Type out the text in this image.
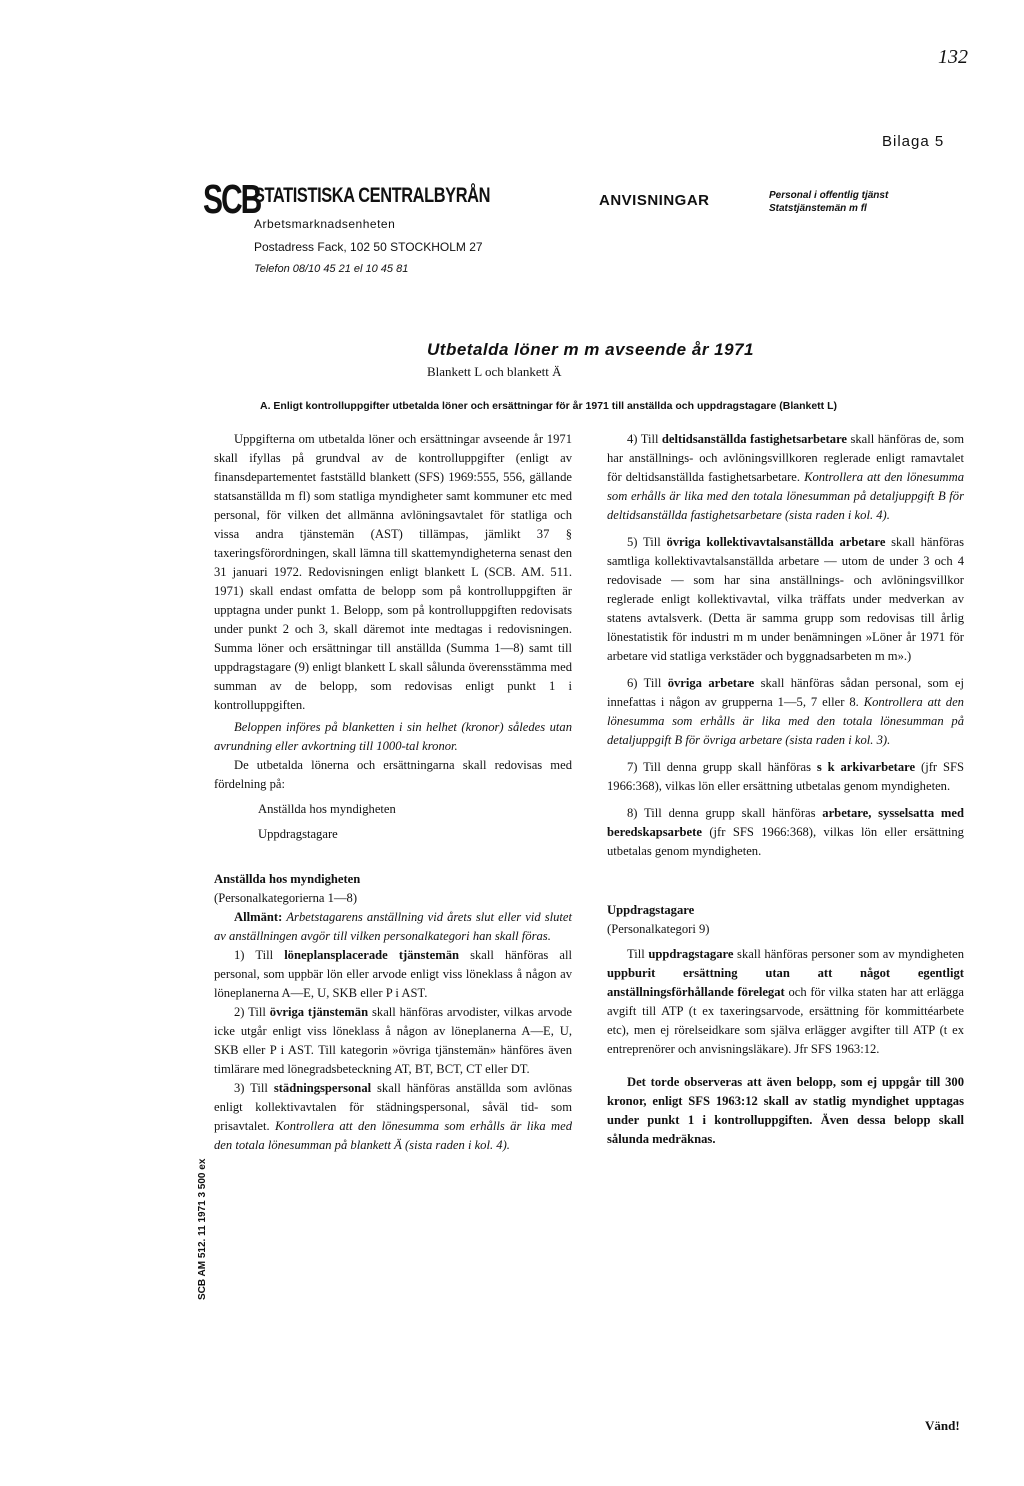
132
Bilaga 5
SCB
STATISTISKA CENTRALBYRÅN
Arbetsmarknadsenheten
Postadress Fack, 102 50 STOCKHOLM 27
Telefon 08/10 45 21 el 10 45 81
ANVISNINGAR	Personal i offentlig tjänst
Statstjänstemän m fl
Utbetalda löner m m avseende år 1971
Blankett L och blankett Ä
A. Enligt kontrolluppgifter utbetalda löner och ersättningar för år 1971 till anställda och uppdragstagare (Blankett L)

Uppgifterna om utbetalda löner och ersättningar avseende år 1971 skall ifyllas på grundval av de kontrolluppgifter (enligt av finansdepartementet fastställd blankett (SFS) 1969:555, 556, gällande statsanställda m fl) som statliga myndigheter samt kommuner etc med personal, för vilken det allmänna avlöningsavtalet för statliga och vissa andra tjänstemän (AST) tillämpas, jämlikt 37 § taxeringsförordningen, skall lämna till skattemyndigheterna senast den 31 januari 1972. Redovisningen enligt blankett L (SCB. AM. 511. 1971) skall endast omfatta de belopp som på kontrolluppgiften är upptagna under punkt 1. Belopp, som på kontrolluppgiften redovisats under punkt 2 och 3, skall däremot inte medtagas i redovisningen. Summa löner och ersättningar till anställda (Summa 1—8) samt till uppdragstagare (9) enligt blankett L skall sålunda överensstämma med summan av de belopp, som redovisas enligt punkt 1 i kontrolluppgiften.

Beloppen införes på blanketten i sin helhet (kronor) således utan avrundning eller avkortning till 1000-tal kronor.

De utbetalda lönerna och ersättningarna skall redovisas med fördelning på:

Anställda hos myndigheten

Uppdragstagare

Anställda hos myndigheten

(Personalkategorierna 1—8)

Allmänt: Arbetstagarens anställning vid årets slut eller vid slutet av anställningen avgör till vilken personalkategori han skall föras.

1) Till löneplansplacerade tjänstemän skall hänföras all personal, som uppbär lön eller arvode enligt viss löneklass å någon av löneplanerna A—E, U, SKB eller P i AST.

2) Till övriga tjänstemän skall hänföras arvodister, vilkas arvode icke utgår enligt viss löneklass å någon av löneplanerna A—E, U, SKB eller P i AST. Till kategorin »övriga tjänstemän» hänföres även timlärare med lönegradsbeteckning AT, BT, BCT, CT eller DT.

3) Till städningspersonal skall hänföras anställda som avlönas enligt kollektivavtalen för städningspersonal, såväl tid- som prisavtalet. Kontrollera att den lönesumma som erhålls är lika med den totala lönesumman på blankett Ä (sista raden i kol. 4).

4) Till deltidsanställda fastighetsarbetare skall hänföras de, som har anställnings- och avlöningsvillkoren reglerade enligt ramavtalet för deltidsanställda fastighetsarbetare. Kontrollera att den lönesumma som erhålls är lika med den totala lönesumman på detaljuppgift B för deltidsanställda fastighetsarbetare (sista raden i kol. 4).

5) Till övriga kollektivavtalsanställda arbetare skall hänföras samtliga kollektivavtalsanställda arbetare — utom de under 3 och 4 redovisade — som har sina anställnings- och avlöningsvillkor reglerade enligt kollektivavtal, vilka träffats under medverkan av statens avtalsverk. (Detta är samma grupp som redovisas till årlig lönestatistik för industri m m under benämningen »Löner år 1971 för arbetare vid statliga verkstäder och byggnadsarbeten m m».)

6) Till övriga arbetare skall hänföras sådan personal, som ej innefattas i någon av grupperna 1—5, 7 eller 8. Kontrollera att den lönesumma som erhålls är lika med den totala lönesumman på detaljuppgift B för övriga arbetare (sista raden i kol. 3).

7) Till denna grupp skall hänföras s k arkivarbetare (jfr SFS 1966:368), vilkas lön eller ersättning utbetalas genom myndigheten.

8) Till denna grupp skall hänföras arbetare, sysselsatta med beredskapsarbete (jfr SFS 1966:368), vilkas lön eller ersättning utbetalas genom myndigheten.

Uppdragstagare

(Personalkategori 9)

Till uppdragstagare skall hänföras personer som av myndigheten uppburit ersättning utan att något egentligt anställningsförhållande förelegat och för vilka staten har att erlägga avgift till ATP (t ex taxeringsarvode, ersättning för kommittéarbete etc), men ej rörelseidkare som själva erlägger avgifter till ATP (t ex entreprenörer och anvisningsläkare). Jfr SFS 1963:12.

Det torde observeras att även belopp, som ej uppgår till 300 kronor, enligt SFS 1963:12 skall av statlig myndighet upptagas under punkt 1 i kontrolluppgiften. Även dessa belopp skall sålunda medräknas.

SCB AM 512. 11 1971 3 500 ex
Vänd!
